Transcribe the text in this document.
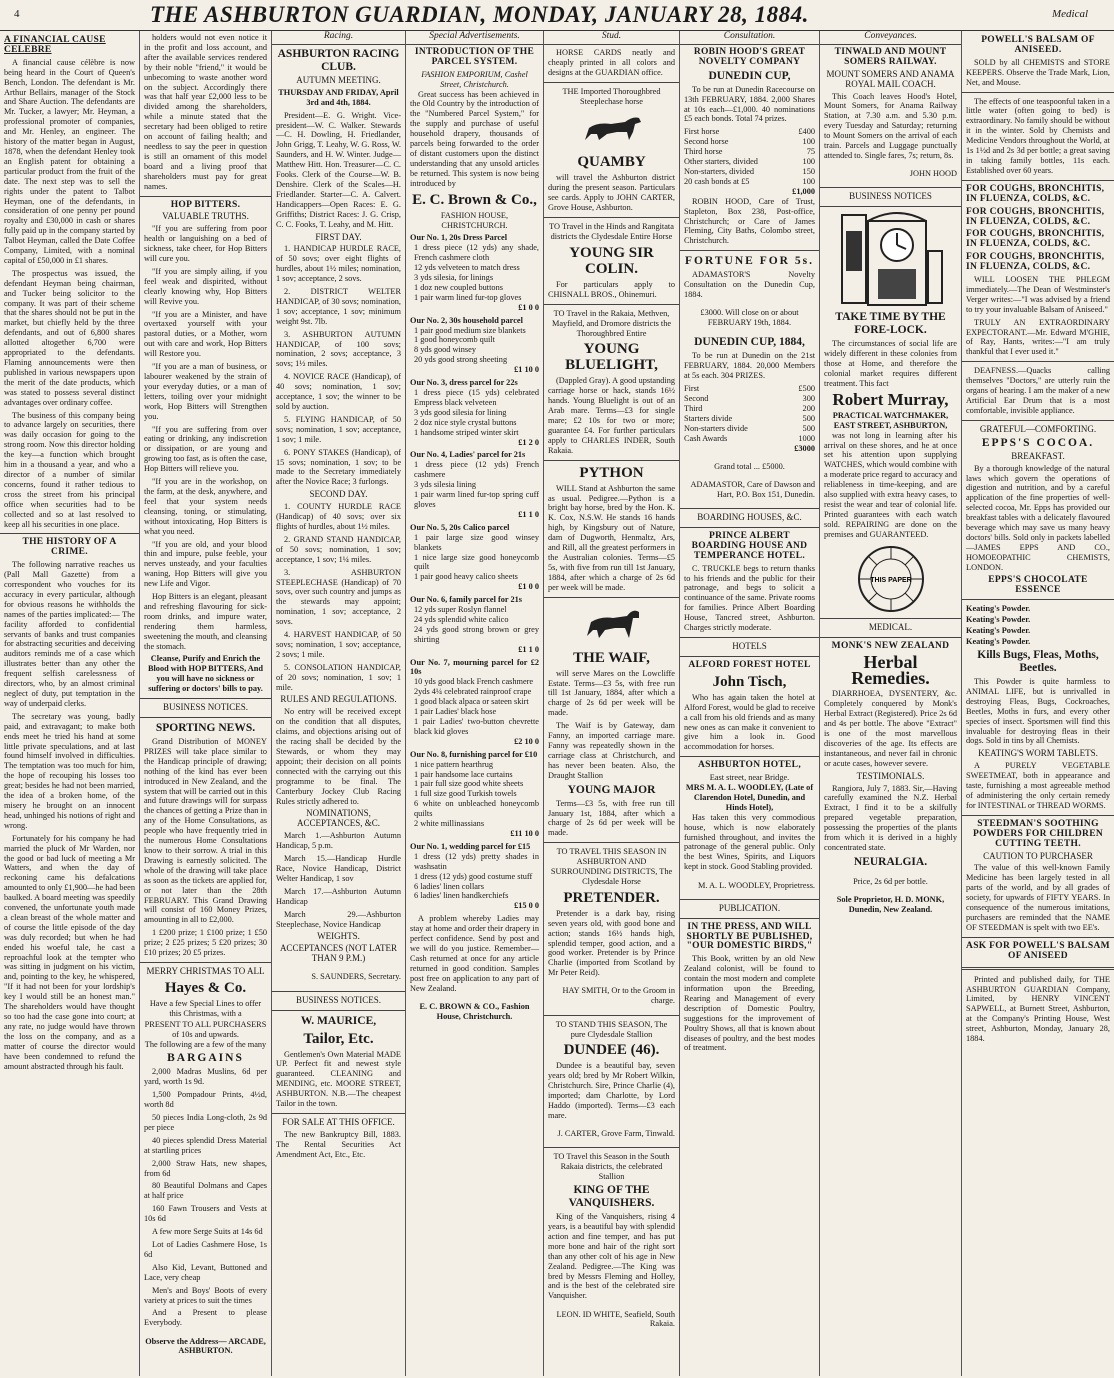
4	THE ASHBURTON GUARDIAN, MONDAY, JANUARY 28, 1884.	Medical
A FINANCIAL CAUSE CELEBRE

A financial cause célèbre is now being heard in the Court of Queen's Bench, London. The defendant is Mr. Arthur Bellairs, manager of the Stock and Share Auction. The defendants are Mr. Tucker, a lawyer; Mr. Heyman, a professional promoter of companies, and Mr. Henley, an engineer. The history of the matter began in August, 1878, when the defendant Henley took an English patent for obtaining a particular product from the fruit of the date. The next step was to sell the rights under the patent to Talbot Heyman, one of the defendants, in consideration of one penny per pound royalty and £30,000 in cash or shares fully paid up in the company started by Talbot Heyman, called the Date Coffee Company, Limited, with a nominal capital of £50,000 in £1 shares.

The prospectus was issued, the defendant Heyman being chairman, and Tucker being solicitor to the company. It was part of their scheme that the shares should not be put in the market, but chiefly held by the three defendants, and out of 6,800 shares allotted altogether 6,700 were appropriated to the defendants. Flaming announcements were then published in various newspapers upon the merit of the date products, which was stated to possess several distinct advantages over ordinary coffee.

The business of this company being to advance largely on securities, there was daily occasion for going to the strong room. Now this director holding the key—a function which brought him in a thousand a year, and who a director of a number of similar concerns, found it rather tedious to cross the street from his principal office when securities had to be collected and so at last resolved to keep all his securities in one place.

THE HISTORY OF A CRIME.

The following narrative reaches us (Pall Mall Gazette) from a correspondent who vouches for its accuracy in every particular, although for obvious reasons he withholds the names of the parties implicated:— The facility afforded to confidential servants of banks and trust companies for abstracting securities and deceiving auditors reminds me of a case which illustrates better than any other the frequent selfish carelessness of directors, who, by an almost criminal neglect of duty, put temptation in the way of underpaid clerks.

The secretary was young, badly paid, and extravagant; to make both ends meet he tried his hand at some little private speculations, and at last found himself involved in difficulties. The temptation was too much for him, the hope of recouping his losses too great; besides he had not been married, the idea of a broken home, of the misery he brought on an innocent head, unhinged his notions of right and wrong.

Fortunately for his company he had married the pluck of Mr Warden, nor the good or bad luck of meeting a Mr Watters, and when the day of reckoning came his defalcations amounted to only £1,900—he had been baulked. A board meeting was speedily convened, the unfortunate youth made a clean breast of the whole matter and of course the little episode of the day was duly recorded; but when he had ended his woeful tale, he cast a reproachful look at the tempter who was sitting in judgment on his victim, and, pointing to the key, he whispered, "If it had not been for your lordship's key I would still be an honest man." The shareholders would have thought so too had the case gone into court; at any rate, no judge would have thrown the loss on the company, and as a matter of course the director would have been condemned to refund the amount abstracted through his fault.

holders would not even notice it in the profit and loss account, and after the available services rendered by their noble "friend," it would be unbecoming to waste another word on the subject. Accordingly there was that half year £2,000 less to be divided among the shareholders, while a minute stated that the secretary had been obliged to retire on account of failing health; and needless to say the peer in question is still an ornament of this model board and a living proof that shareholders must pay for great names.

HOP BITTERS.
VALUABLE TRUTHS.

"If you are suffering from poor health or languishing on a bed of sickness, take cheer, for Hop Bitters will cure you.

"If you are simply ailing, if you feel weak and dispirited, without clearly knowing why, Hop Bitters will Revive you.

"If you are a Minister, and have overtaxed yourself with your pastoral duties, or a Mother, worn out with care and work, Hop Bitters will Restore you.

"If you are a man of business, or labourer weakened by the strain of your everyday duties, or a man of letters, toiling over your midnight work, Hop Bitters will Strengthen you.

"If you are suffering from over eating or drinking, any indiscretion or dissipation, or are young and growing too fast, as is often the case, Hop Bitters will relieve you.

"If you are in the workshop, on the farm, at the desk, anywhere, and feel that your system needs cleansing, toning, or stimulating, without intoxicating, Hop Bitters is what you need.

"If you are old, and your blood thin and impure, pulse feeble, your nerves unsteady, and your faculties waning, Hop Bitters will give you new Life and Vigor.

Hop Bitters is an elegant, pleasant and refreshing flavouring for sick-room drinks, and impure water, rendering them harmless, sweetening the mouth, and cleansing the stomach.

Cleanse, Purify and Enrich the Blood with HOP BITTERS, And you will have no sickness or suffering or doctors' bills to pay.

BUSINESS NOTICES.
SPORTING NEWS.

Grand Distribution of MONEY PRIZES will take place similar to the Handicap principle of drawing; nothing of the kind has ever been introduced in New Zealand, and the system that will be carried out in this and future drawings will for surpass the chances of getting a Prize than in any of the Home Consultations, as people who have frequently tried in the numerous Home Consultations know to their sorrow. A trial in this Drawing is earnestly solicited. The whole of the drawing will take place as soon as the tickets are applied for, or not later than the 28th FEBRUARY. This Grand Drawing will consist of 160 Money Prizes, amounting in all to £2,000.

1 £200 prize; 1 £100 prize; 1 £50 prize; 2 £25 prizes; 5 £20 prizes; 30 £10 prizes; 20 £5 prizes.

MERRY CHRISTMAS TO ALL
Hayes & Co.

Have a few Special Lines to offer this Christmas, with a

PRESENT TO ALL PURCHASERS of 10s and upwards.

The following are a few of the many

BARGAINS

2,000 Madras Muslins, 6d per yard, worth 1s 9d.

1,500 Pompadour Prints, 4½d, worth 8d

50 pieces India Long-cloth, 2s 9d per piece

40 pieces splendid Dress Material at startling prices

2,000 Straw Hats, new shapes, from 6d

80 Beautiful Dolmans and Capes at half price

160 Fawn Trousers and Vests at 10s 6d

A few more Serge Suits at 14s 6d

Lot of Ladies Cashmere Hose, 1s 6d

Also Kid, Levant, Buttoned and Lace, very cheap

Men's and Boys' Boots of every variety at prices to suit the times

And a Present to please Everybody.

Observe the Address— ARCADE, ASHBURTON.

Racing.
ASHBURTON RACING CLUB.
AUTUMN MEETING.
THURSDAY AND FRIDAY, April 3rd and 4th, 1884.

President—E. G. Wright. Vice-president—W. C. Walker. Stewards—C. H. Dowling, H. Friedlander, John Grigg, T. Leahy, W. G. Ross, W. Saunders, and H. W. Winter. Judge—Matthew Hitt. Hon. Treasurer—C. C. Fooks. Clerk of the Course—W. B. Denshire. Clerk of the Scales—H. Friedlander. Starter—C. A. Calvert. Handicappers—Open Races: E. G. Griffiths; District Races: J. G. Crisp, C. C. Fooks, T. Leahy, and M. Hitt.

FIRST DAY.

1. HANDICAP HURDLE RACE, of 50 sovs; over eight flights of hurdles, about 1½ miles; nomination, 1 sov; acceptance, 2 sovs.

2. DISTRICT WELTER HANDICAP, of 30 sovs; nomination, 1 sov; acceptance, 1 sov; minimum weight 9st. 7lb.

3. ASHBURTON AUTUMN HANDICAP, of 100 sovs; nomination, 2 sovs; acceptance, 3 sovs; 1½ miles.

4. NOVICE RACE (Handicap), of 40 sovs; nomination, 1 sov; acceptance, 1 sov; the winner to be sold by auction.

5. FLYING HANDICAP, of 50 sovs; nomination, 1 sov; acceptance, 1 sov; 1 mile.

6. PONY STAKES (Handicap), of 15 sovs; nomination, 1 sov; to be made to the Secretary immediately after the Novice Race; 3 furlongs.

SECOND DAY.

1. COUNTY HURDLE RACE (Handicap) of 40 sovs; over six flights of hurdles, about 1½ miles.

2. GRAND STAND HANDICAP, of 50 sovs; nomination, 1 sov; acceptance, 1 sov; 1¼ miles.

3. ASHBURTON STEEPLECHASE (Handicap) of 70 sovs, over such country and jumps as the stewards may appoint; nomination, 1 sov; acceptance, 2 sovs.

4. HARVEST HANDICAP, of 50 sovs; nomination, 1 sov; acceptance, 2 sovs; 1 mile.

5. CONSOLATION HANDICAP, of 20 sovs; nomination, 1 sov; 1 mile.

RULES AND REGULATIONS.

No entry will be received except on the condition that all disputes, claims, and objections arising out of the racing shall be decided by the Stewards, or whom they may appoint; their decision on all points connected with the carrying out this programme to be final. The Canterbury Jockey Club Racing Rules strictly adhered to.

NOMINATIONS, ACCEPTANCES, &C.

March 1.—Ashburton Autumn Handicap, 5 p.m.

March 15.—Handicap Hurdle Race, Novice Handicap, District Welter Handicap, 1 sov

March 17.—Ashburton Autumn Handicap

March 29.—Ashburton Steeplechase, Novice Handicap

WEIGHTS.
ACCEPTANCES (NOT LATER THAN 9 P.M.)

S. SAUNDERS, Secretary.

BUSINESS NOTICES.
W. MAURICE,
Tailor, Etc.

Gentlemen's Own Material MADE UP. Perfect fit and newest style guaranteed. CLEANING and MENDING, etc. MOORE STREET, ASHBURTON. N.B.—The cheapest Tailor in the town.

FOR SALE AT THIS OFFICE.

The new Bankruptcy Bill, 1883. The Rental Securities Act Amendment Act, Etc., Etc.

Special Advertisements.
INTRODUCTION OF THE PARCEL SYSTEM.
FASHION EMPORIUM, Cashel Street, Christchurch.

Great success has been achieved in the Old Country by the introduction of the "Numbered Parcel System," for the supply and purchase of useful household drapery, thousands of parcels being forwarded to the order of distant customers upon the distinct understanding that any unsold articles be returned. This system is now being introduced by

E. C. Brown & Co.,
FASHION HOUSE, CHRISTCHURCH.
Our No. 1, 20s Dress Parcel
1 dress piece (12 yds) any shade, French cashmere cloth
12 yds velveteen to match dress
3 yds silesia, for linings
1 doz new coupled buttons
1 pair warm lined fur-top gloves
£1 0 0
Our No. 2, 30s household parcel
1 pair good medium size blankets
1 good honeycomb quilt
8 yds good winsey
20 yds good strong sheeting
£1 10 0
Our No. 3, dress parcel for 22s
1 dress piece (15 yds) celebrated Empress black velveteen
3 yds good silesia for lining
2 doz nice style crystal buttons
1 handsome striped winter skirt
£1 2 0
Our No. 4, Ladies' parcel for 21s
1 dress piece (12 yds) French cashmere
3 yds silesia lining
1 pair warm lined fur-top spring cuff gloves
£1 1 0
Our No. 5, 20s Calico parcel
1 pair large size good winsey blankets
1 nice large size good honeycomb quilt
1 pair good heavy calico sheets
£1 0 0
Our No. 6, family parcel for 21s
12 yds super Roslyn flannel
24 yds splendid white calico
24 yds good strong brown or grey shirting
£1 1 0
Our No. 7, mourning parcel for £2 10s
10 yds good black French cashmere
2yds 4¼ celebrated rainproof crape
1 good black alpaca or sateen skirt
1 pair Ladies' black hose
1 pair Ladies' two-button chevrette black kid gloves
£2 10 0
Our No. 8, furnishing parcel for £10
1 nice pattern hearthrug
1 pair handsome lace curtains
1 pair full size good white sheets
1 full size good Turkish towels
6 white on unbleached honeycomb quilts
2 white millinassians
£11 10 0
Our No. 1, wedding parcel for £15
1 dress (12 yds) pretty shades in washsatin
1 dress (12 yds) good costume stuff
6 ladies' linen collars
6 ladies' linen handkerchiefs
£15 0 0

A problem whereby Ladies may stay at home and order their drapery in perfect confidence. Send by post and we will do you justice. Remember—Cash returned at once for any article returned in good condition. Samples post free on application to any part of New Zealand.

E. C. BROWN & CO., Fashion House, Christchurch.

Stud.

HORSE CARDS neatly and cheaply printed in all colors and designs at the GUARDIAN office.

THE Imported Thoroughbred Steeplechase horse

QUAMBY

will travel the Ashburton district during the present season. Particulars see cards. Apply to JOHN CARTER, Grove House, Ashburton.

TO Travel in the Hinds and Rangitata districts the Clydesdale Entire Horse

YOUNG SIR COLIN.

For particulars apply to CHISNALL BROS., Ohinemuri.

TO Travel in the Rakaia, Methven, Mayfield, and Dromore districts the Thoroughbred Entire

YOUNG BLUELIGHT,

(Dappled Gray). A good upstanding carriage horse or hack, stands 16½ hands. Young Bluelight is out of an Arab mare. Terms—£3 for single mare; £2 10s for two or more; guarantee £4. For further particulars apply to CHARLES INDER, South Rakaia.

PYTHON

WILL Stand at Ashburton the same as usual. Pedigree.—Python is a bright bay horse, bred by the Hon. K. K. Cox, N.S.W. He stands 16 hands high, by Kingsbury out of Nature, dam of Dugworth, Henmaltz, Ars, and Rill, all the greatest performers in the Australian colonies. Terms—£5 5s, with five from run till 1st January, 1884, after which a charge of 2s 6d per week will be made.

THE WAIF,

will serve Mares on the Lowcliffe Estate. Terms—£3 5s, with free run till 1st January, 1884, after which a charge of 2s 6d per week will be made.

The Waif is by Gateway, dam Fanny, an imported carriage mare. Fanny was repeatedly shown in the carriage class at Christchurch, and has never been beaten. Also, the Draught Stallion

YOUNG MAJOR

Terms—£3 5s, with free run till January 1st, 1884, after which a charge of 2s 6d per week will be made.

TO TRAVEL THIS SEASON IN ASHBURTON AND SURROUNDING DISTRICTS, The Clydesdale Horse

PRETENDER.

Pretender is a dark bay, rising seven years old, with good bone and action; stands 16½ hands high, splendid temper, good action, and a good worker. Pretender is by Prince Charlie (imported from Scotland by Mr Peter Reid).

HAY SMITH, Or to the Groom in charge.

TO STAND THIS SEASON, The pure Clydesdale Stallion

DUNDEE (46).

Dundee is a beautiful bay, seven years old; bred by Mr Robert Wilkin, Christchurch. Sire, Prince Charlie (4), imported; dam Charlotte, by Lord Haddo (imported). Terms—£3 each mare.

J. CARTER, Grove Farm, Tinwald.

TO Travel this Season in the South Rakaia districts, the celebrated Stallion

KING OF THE VANQUISHERS.

King of the Vanquishers, rising 4 years, is a beautiful bay with splendid action and fine temper, and has put more bone and hair of the right sort than any other colt of his age in New Zealand. Pedigree.—The King was bred by Messrs Fleming and Holley, and is the best of the celebrated sire Vanquisher.

LEON. ID WHITE, Seafield, South Rakaia.

Consultation.
ROBIN HOOD'S GREAT NOVELTY COMPANY
DUNEDIN CUP,

To be run at Dunedin Racecourse on 13th FEBRUARY, 1884. 2,000 Shares at 10s each—£1,000. 40 nominations £5 each bonds. Total 74 prizes.

First horse	£400
Second horse	100
Third horse	75
Other starters, divided	100
Non-starters, divided	150
20 cash bonds at £5	100
£1,000

ROBIN HOOD, Care of Trust, Stapleton, Box 238, Post-office, Christchurch; or Care of James Fleming, City Baths, Colombo street, Christchurch.

FORTUNE FOR 5s.

ADAMASTOR'S Novelty Consultation on the Dunedin Cup, 1884.

£3000. Will close on or about FEBRUARY 19th, 1884.

DUNEDIN CUP, 1884,

To be run at Dunedin on the 21st FEBRUARY, 1884. 20,000 Members at 5s each. 304 PRIZES.

First	£500
Second	300
Third	200
Starters divide	500
Non-starters divide	500
Cash Awards	1000
£3000

Grand total ... £5000.

ADAMASTOR, Care of Dawson and Hart, P.O. Box 151, Dunedin.

BOARDING HOUSES, &C.
PRINCE ALBERT BOARDING HOUSE AND TEMPERANCE HOTEL.

C. TRUCKLE begs to return thanks to his friends and the public for their patronage, and begs to solicit a continuance of the same. Private rooms for families. Prince Albert Boarding House, Tancred street, Ashburton. Charges strictly moderate.

HOTELS
ALFORD FOREST HOTEL
John Tisch,

Who has again taken the hotel at Alford Forest, would be glad to receive a call from his old friends and as many new ones as can make it convenient to give him a look in. Good accommodation for horses.

ASHBURTON HOTEL,
East street, near Bridge.
MRS M. A. L. WOODLEY, (Late of Clarendon Hotel, Dunedin, and Hinds Hotel),

Has taken this very commodious house, which is now elaborately furnished throughout, and invites the patronage of the general public. Only the best Wines, Spirits, and Liquors kept in stock. Good Stabling provided.

M. A. L. WOODLEY, Proprietress.

PUBLICATION.
IN THE PRESS, AND WILL SHORTLY BE PUBLISHED, "OUR DOMESTIC BIRDS,"

This Book, written by an old New Zealand colonist, will be found to contain the most modern and complete information upon the Breeding, Rearing and Management of every description of Domestic Poultry, suggestions for the improvement of Poultry Shows, all that is known about diseases of poultry, and the best modes of treatment.

Conveyances.
TINWALD AND MOUNT SOMERS RAILWAY.
MOUNT SOMERS AND ANAMA ROYAL MAIL COACH.

This Coach leaves Hood's Hotel, Mount Somers, for Anama Railway Station, at 7.30 a.m. and 5.30 p.m. every Tuesday and Saturday; returning to Mount Somers on the arrival of each train. Parcels and Luggage punctually attended to. Single fares, 7s; return, 8s.

JOHN HOOD

BUSINESS NOTICES
TAKE TIME BY THE FORE-LOCK.

The circumstances of social life are widely different in these colonies from those at Home, and therefore the colonial market requires different treatment. This fact

Robert Murray,
PRACTICAL WATCHMAKER, EAST STREET, ASHBURTON,

was not long in learning after his arrival on these shores, and he at once set his attention upon supplying WATCHES, which would combine with a moderate price regard to accuracy and reliableness in time-keeping, and are also supplied with extra heavy cases, to resist the wear and tear of colonial life. Printed guarantees with each watch sold. REPAIRING are done on the premises and GUARANTEED.

THIS PAPER
MEDICAL.
MONK'S NEW ZEALAND
Herbal Remedies.

DIARRHOEA, DYSENTERY, &c. Completely conquered by Monk's Herbal Extract (Registered). Price 2s 6d and 4s per bottle. The above "Extract" is one of the most marvellous discoveries of the age. Its effects are instantaneous, and never fail in chronic or acute cases, however severe.

TESTIMONIALS.

Rangiora, July 7, 1883. Sir,—Having carefully examined the N.Z. Herbal Extract, I find it to be a skilfully prepared vegetable preparation, possessing the properties of the plants from which it is derived in a highly concentrated state.

NEURALGIA.

Price, 2s 6d per bottle.

Sole Proprietor, H. D. MONK, Dunedin, New Zealand.

POWELL'S BALSAM OF ANISEED.

SOLD by all CHEMISTS and STORE KEEPERS. Observe the Trade Mark, Lion, Net, and Mouse.

The effects of one teaspoonful taken in a little water (often going to bed) is extraordinary. No family should be without it in the winter. Sold by Chemists and Medicine Vendors throughout the World, at 1s 1½d and 2s 3d per bottle; a great saving in taking family bottles, 11s each. Established over 60 years.

FOR COUGHS, BRONCHITIS, IN FLUENZA, COLDS, &C.

FOR COUGHS, BRONCHITIS, IN FLUENZA, COLDS, &C.

FOR COUGHS, BRONCHITIS, IN FLUENZA, COLDS, &C.

FOR COUGHS, BRONCHITIS, IN FLUENZA, COLDS, &C.

WILL LOOSEN THE PHLEGM immediately.—The Dean of Westminster's Verger writes:—"I was advised by a friend to try your invaluable Balsam of Aniseed."

TRULY AN EXTRAORDINARY EXPECTORANT.—Mr. Edward M'GHIE, of Ray, Hants, writes:—"I am truly thankful that I ever used it."

DEAFNESS.—Quacks calling themselves "Doctors," are utterly ruin the organs of hearing. I am the maker of a new Artificial Ear Drum that is a most comfortable, invisible appliance.

GRATEFUL—COMFORTING.
EPPS'S COCOA.
BREAKFAST.

By a thorough knowledge of the natural laws which govern the operations of digestion and nutrition, and by a careful application of the fine properties of well-selected cocoa, Mr. Epps has provided our breakfast tables with a delicately flavoured beverage which may save us many heavy doctors' bills. Sold only in packets labelled—JAMES EPPS AND CO., HOMOEOPATHIC CHEMISTS, LONDON.

EPPS'S CHOCOLATE ESSENCE

Keating's Powder.

Keating's Powder.

Keating's Powder.

Keating's Powder.

Kills Bugs, Fleas, Moths, Beetles.

This Powder is quite harmless to ANIMAL LIFE, but is unrivalled in destroying Fleas, Bugs, Cockroaches, Beetles, Moths in furs, and every other species of insect. Sportsmen will find this invaluable for destroying fleas in their dogs. Sold in tins by all Chemists.

KEATING'S WORM TABLETS.

A PURELY VEGETABLE SWEETMEAT, both in appearance and taste, furnishing a most agreeable method of administering the only certain remedy for INTESTINAL or THREAD WORMS.

STEEDMAN'S SOOTHING POWDERS FOR CHILDREN CUTTING TEETH.
CAUTION TO PURCHASER

The value of this well-known Family Medicine has been largely tested in all parts of the world, and by all grades of society, for upwards of FIFTY YEARS. In consequence of the numerous imitations, purchasers are reminded that the NAME OF STEEDMAN is spelt with two EE's.

ASK FOR POWELL'S BALSAM OF ANISEED

Printed and published daily, for THE ASHBURTON GUARDIAN Company, Limited, by HENRY VINCENT SAPWELL, at Burnett Street, Ashburton, at the Company's Printing House, West street, Ashburton, Monday, January 28, 1884.
